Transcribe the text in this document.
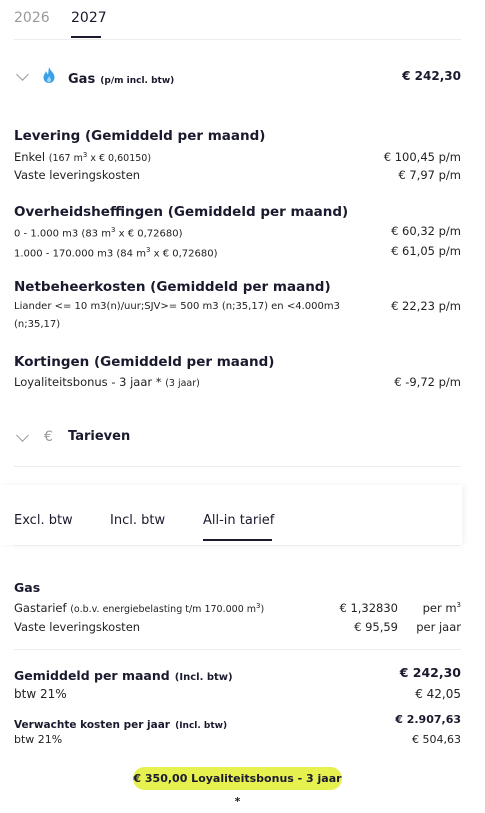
2026 2027
Gas (p/m incl. btw)	€ 242,30
Levering (Gemiddeld per maand)
Enkel (167 $m^3$ x € 0,60150)	€ 100,45 p/m
Vaste leveringskosten	€ 7,97 p/m
Overheidsheffingen (Gemiddeld per maand)
0 - 1.000 m3 (83 $m^3$ x € 0,72680)	€ 60,32 p/m
1.000 - 170.000 m3 (84 $m^3$ x € 0,72680)	€ 61,05 p/m
Netbeheerkosten (Gemiddeld per maand)
Liander <= 10 m3(n)/uur;SJV>= 500 m3 (n;35,17) en <4.000m3
(n;35,17)
€ 22,23 p/m
Kortingen (Gemiddeld per maand)
Loyaliteitsbonus - 3 jaar * (3 jaar)	€ -9,72 p/m
€ Tarieven
Excl. btw	Incl. btw	All-in tarief
Gas
Gastarief (o.b.v. energiebelasting t/m 170.000 $m^3$)	€ 1,32830 per $m^3$
Vaste leveringskosten	€ 95,59 per jaar
Gemiddeld per maand (Incl. btw)	€ 242,30
btw 21%	€ 42,05
Verwachte kosten per jaar (Incl. btw)	€ 2.907,63
btw 21%	€ 504,63
€ 350,00 Loyaliteitsbonus - 3 jaar *
